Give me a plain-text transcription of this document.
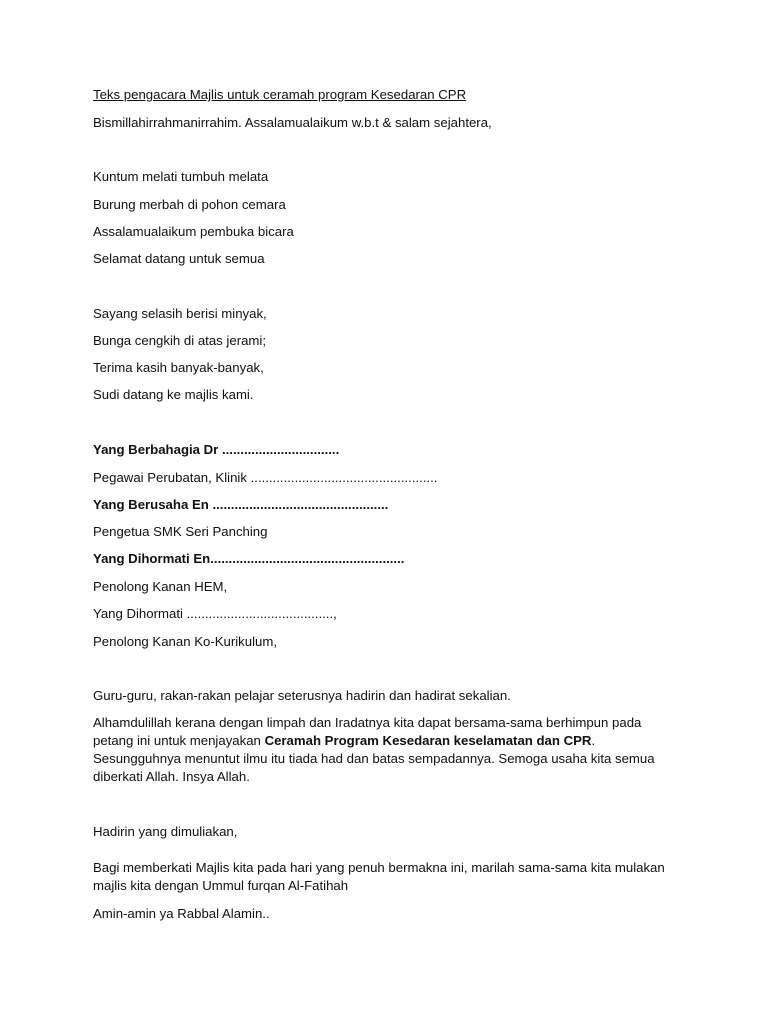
Teks pengacara Majlis untuk ceramah program Kesedaran CPR

Bismillahirrahmanirrahim. Assalamualaikum w.b.t & salam sejahtera,

Kuntum melati tumbuh melata

Burung merbah di pohon cemara

Assalamualaikum pembuka bicara

Selamat datang untuk semua

Sayang selasih berisi minyak,

Bunga cengkih di atas jerami;

Terima kasih banyak-banyak,

Sudi datang ke majlis kami.

Yang Berbahagia Dr ................................

Pegawai Perubatan, Klinik ...................................................

Yang Berusaha En ................................................

Pengetua SMK Seri Panching

Yang Dihormati En.....................................................

Penolong Kanan HEM,

Yang Dihormati ........................................,

Penolong Kanan Ko-Kurikulum,

Guru-guru, rakan-rakan pelajar seterusnya hadirin dan hadirat sekalian.

Alhamdulillah kerana dengan limpah dan Iradatnya kita dapat bersama-sama berhimpun pada petang ini untuk menjayakan Ceramah Program Kesedaran keselamatan dan CPR. Sesungguhnya menuntut ilmu itu tiada had dan batas sempadannya. Semoga usaha kita semua diberkati Allah. Insya Allah.

Hadirin yang dimuliakan,

Bagi memberkati Majlis kita pada hari yang penuh bermakna ini, marilah sama-sama kita mulakan majlis kita dengan Ummul furqan Al-Fatihah

Amin-amin ya Rabbal Alamin..
